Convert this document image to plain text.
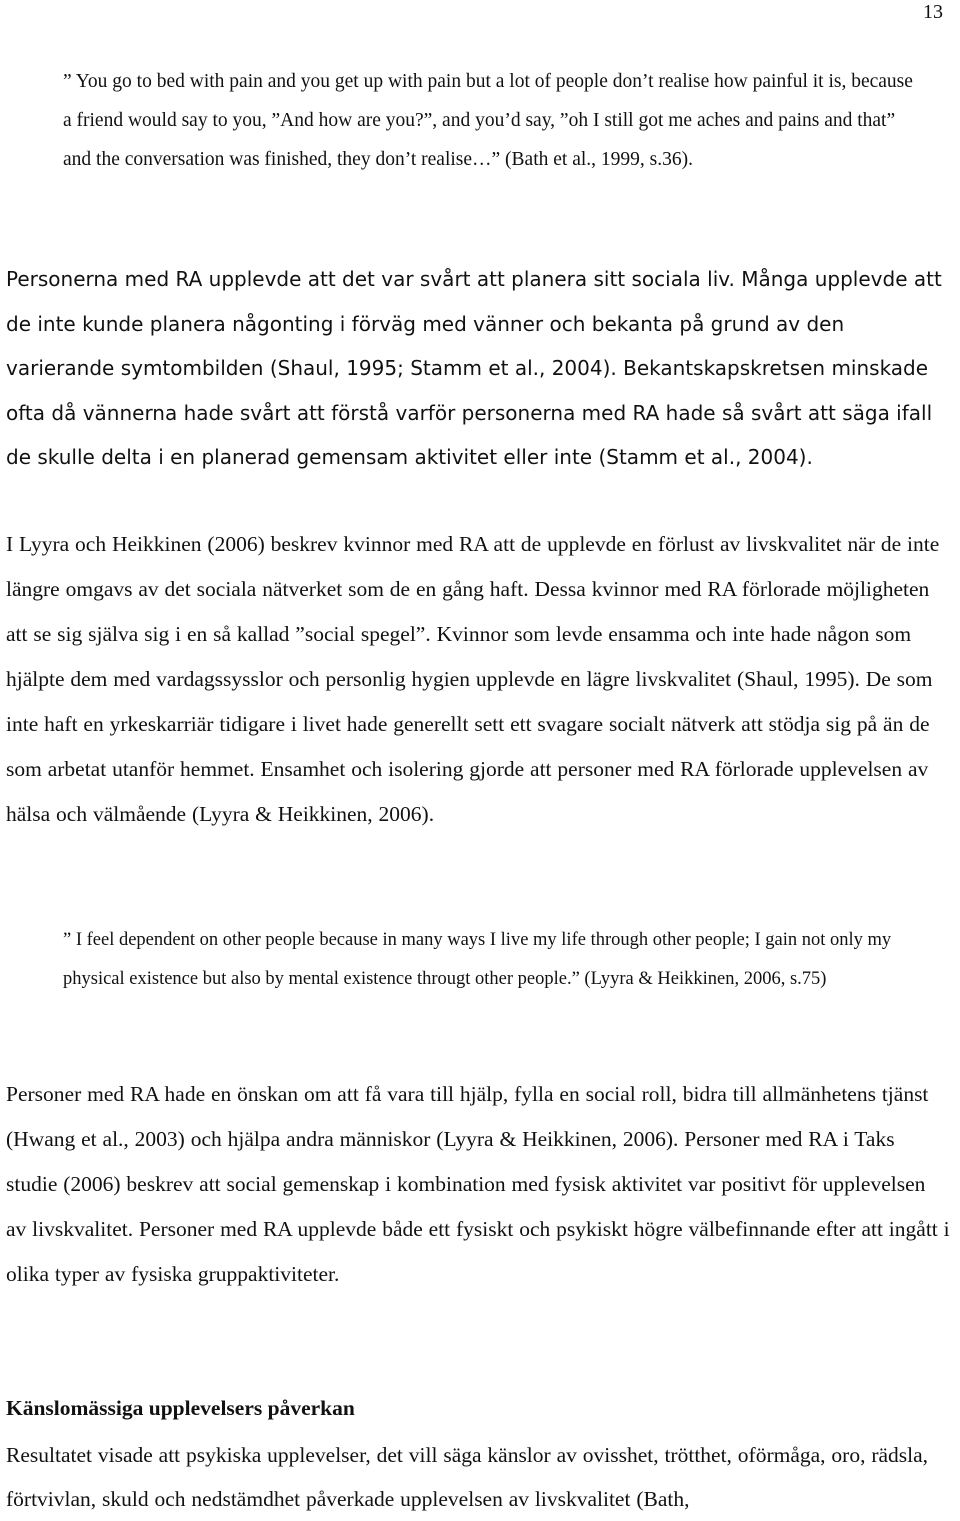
13

” You go to bed with pain and you get up with pain but a lot of people don’t realise how painful it is, because a friend would say to you, ”And how are you?”, and you’d say, ”oh I still got me aches and pains and that” and the conversation was finished, they don’t realise…” (Bath et al., 1999, s.36).

Personerna med RA upplevde att det var svårt att planera sitt sociala liv. Många upplevde att de inte kunde planera någonting i förväg med vänner och bekanta på grund av den varierande symtombilden (Shaul, 1995; Stamm et al., 2004). Bekantskapskretsen minskade ofta då vännerna hade svårt att förstå varför personerna med RA hade så svårt att säga ifall de skulle delta i en planerad gemensam aktivitet eller inte (Stamm et al., 2004).

I Lyyra och Heikkinen (2006) beskrev kvinnor med RA att de upplevde en förlust av livskvalitet när de inte längre omgavs av det sociala nätverket som de en gång haft. Dessa kvinnor med RA förlorade möjligheten att se sig själva sig i en så kallad ”social spegel”. Kvinnor som levde ensamma och inte hade någon som hjälpte dem med vardagssysslor och personlig hygien upplevde en lägre livskvalitet (Shaul, 1995). De som inte haft en yrkeskarriär tidigare i livet hade generellt sett ett svagare socialt nätverk att stödja sig på än de som arbetat utanför hemmet. Ensamhet och isolering gjorde att personer med RA förlorade upplevelsen av hälsa och välmående (Lyyra & Heikkinen, 2006).

” I feel dependent on other people because in many ways I live my life through other people; I gain not only my physical existence but also by mental existence througt other people.” (Lyyra & Heikkinen, 2006, s.75)

Personer med RA hade en önskan om att få vara till hjälp, fylla en social roll, bidra till allmänhetens tjänst (Hwang et al., 2003) och hjälpa andra människor (Lyyra & Heikkinen, 2006). Personer med RA i Taks studie (2006) beskrev att social gemenskap i kombination med fysisk aktivitet var positivt för upplevelsen av livskvalitet. Personer med RA upplevde både ett fysiskt och psykiskt högre välbefinnande efter att ingått i olika typer av fysiska gruppaktiviteter.

Känslomässiga upplevelsers påverkan

Resultatet visade att psykiska upplevelser, det vill säga känslor av ovisshet, trötthet, oförmåga, oro, rädsla, förtvivlan, skuld och nedstämdhet påverkade upplevelsen av livskvalitet (Bath,
